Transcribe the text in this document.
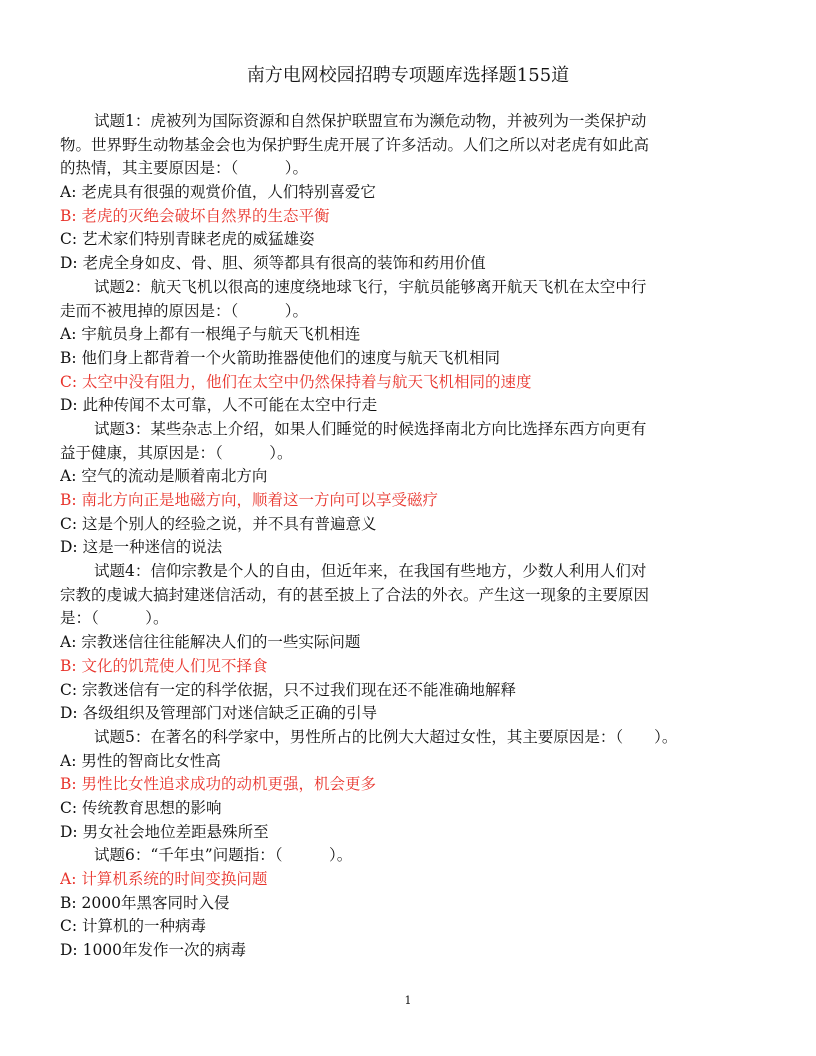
南方电网校园招聘专项题库选择题155道
试题1：虎被列为国际资源和自然保护联盟宣布为濒危动物，并被列为一类保护动
物。世界野生动物基金会也为保护野生虎开展了许多活动。人们之所以对老虎有如此高
的热情，其主要原因是：（　　　）。
A: 老虎具有很强的观赏价值，人们特别喜爱它
B: 老虎的灭绝会破坏自然界的生态平衡
C: 艺术家们特别青睐老虎的威猛雄姿
D: 老虎全身如皮、骨、胆、须等都具有很高的装饰和药用价值
试题2：航天飞机以很高的速度绕地球飞行，宇航员能够离开航天飞机在太空中行
走而不被甩掉的原因是：（　　　）。
A: 宇航员身上都有一根绳子与航天飞机相连
B: 他们身上都背着一个火箭助推器使他们的速度与航天飞机相同
C: 太空中没有阻力，他们在太空中仍然保持着与航天飞机相同的速度
D: 此种传闻不太可靠，人不可能在太空中行走
试题3：某些杂志上介绍，如果人们睡觉的时候选择南北方向比选择东西方向更有
益于健康，其原因是：（　　　）。
A: 空气的流动是顺着南北方向
B: 南北方向正是地磁方向，顺着这一方向可以享受磁疗
C: 这是个别人的经验之说，并不具有普遍意义
D: 这是一种迷信的说法
试题4：信仰宗教是个人的自由，但近年来，在我国有些地方，少数人利用人们对
宗教的虔诚大搞封建迷信活动，有的甚至披上了合法的外衣。产生这一现象的主要原因
是：（　　　）。
A: 宗教迷信往往能解决人们的一些实际问题
B: 文化的饥荒使人们见不择食
C: 宗教迷信有一定的科学依据，只不过我们现在还不能准确地解释
D: 各级组织及管理部门对迷信缺乏正确的引导
试题5：在著名的科学家中，男性所占的比例大大超过女性，其主要原因是：（　　）。
A: 男性的智商比女性高
B: 男性比女性追求成功的动机更强，机会更多
C: 传统教育思想的影响
D: 男女社会地位差距悬殊所至
试题6：“千年虫”问题指：（　　　）。
A: 计算机系统的时间变换问题
B: 2000年黑客同时入侵
C: 计算机的一种病毒
D: 1000年发作一次的病毒
1
